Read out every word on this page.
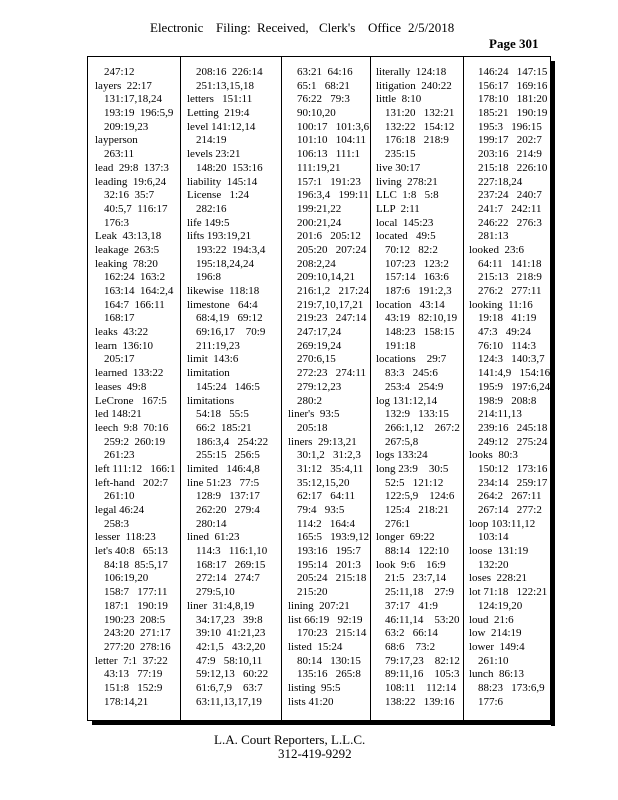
Electronic

Filing:

Received,

Clerk's

Office

2/5/2018

Page 301
247:12
layers  22:17
131:17,18,24
193:19  196:5,9
209:19,23
layperson
263:11
lead  29:8  137:3
leading  19:6,24
32:16  35:7
40:5,7  116:17
176:3
Leak  43:13,18
leakage  263:5
leaking  78:20
162:24  163:2
163:14  164:2,4
164:7  166:11
168:17
leaks  43:22
learn  136:10
205:17
learned  133:22
leases  49:8
LeCrone   167:5
led 148:21
leech  9:8  70:16
259:2  260:19
261:23
left 111:12   166:1
left-hand   202:7
261:10
legal 46:24
258:3
lesser  118:23
let's 40:8   65:13
84:18  85:5,17
106:19,20
158:7   177:11
187:1   190:19
190:23  208:5
243:20  271:17
277:20  278:16
letter  7:1  37:22
43:13   77:19
151:8   152:9
178:14,21
208:16  226:14
251:13,15,18
letters   151:11
Letting  219:4
level 141:12,14
214:19
levels 23:21
148:20  153:16
liability  145:14
License   1:24
282:16
life 149:5
lifts 193:19,21
193:22  194:3,4
195:18,24,24
196:8
likewise  118:18
limestone   64:4
68:4,19   69:12
69:16,17    70:9
211:19,23
limit  143:6
limitation
145:24   146:5
limitations
54:18   55:5
66:2  185:21
186:3,4   254:22
255:15   256:5
limited   146:4,8
line 51:23   77:5
128:9   137:17
262:20   279:4
280:14
lined  61:23
114:3   116:1,10
168:17   269:15
272:14   274:7
279:5,10
liner  31:4,8,19
34:17,23   39:8
39:10  41:21,23
42:1,5   43:2,20
47:9   58:10,11
59:12,13   60:22
61:6,7,9    63:7
63:11,13,17,19
63:21  64:16
65:1   68:21
76:22   79:3
90:10,20
100:17   101:3,6
101:10   104:11
106:13   111:1
111:19,21
157:1   191:23
196:3,4   199:11
199:21,22
200:21,24
201:6   205:12
205:20   207:24
208:2,24
209:10,14,21
216:1,2   217:24
219:7,10,17,21
219:23   247:14
247:17,24
269:19,24
270:6,15
272:23   274:11
279:12,23
280:2
liner's  93:5
205:18
liners  29:13,21
30:1,2   31:2,3
31:12   35:4,11
35:12,15,20
62:17   64:11
79:4   93:5
114:2   164:4
165:5   193:9,12
193:16   195:7
195:14   201:3
205:24   215:18
215:20
lining  207:21
list 66:19   92:19
170:23   215:14
listed  15:24
80:14   130:15
135:16   265:8
listing  95:5
lists 41:20
literally  124:18
litigation  240:22
little  8:10
131:20   132:21
132:22   154:12
176:18   218:9
235:15
live 30:17
living  278:21
LLC  1:8   5:8
LLP  2:11
local  145:23
located   49:5
70:12   82:2
107:23   123:2
157:14   163:6
187:6   191:2,3
location   43:14
43:19   82:10,19
148:23   158:15
191:18
locations    29:7
83:3   245:6
253:4   254:9
log 131:12,14
132:9   133:15
266:1,12    267:2
267:5,8
logs 133:24
long 23:9    30:5
52:5   121:12
122:5,9    124:6
125:4   218:21
276:1
longer  69:22
88:14   122:10
look  9:6    16:9
21:5   23:7,14
25:11,18    27:9
37:17   41:9
46:11,14    53:20
63:2   66:14
68:6    73:2
79:17,23    82:12
89:11,16    105:3
108:11    112:14
138:22   139:16
146:24   147:15
156:17   169:16
178:10   181:20
185:21   190:19
195:3   196:15
199:17   202:7
203:16   214:9
215:18   226:10
227:18,24
237:24   240:7
241:7   242:11
246:22   276:3
281:13
looked  23:6
64:11   141:18
215:13   218:9
276:2   277:11
looking  11:16
19:18   41:19
47:3   49:24
76:10   114:3
124:3   140:3,7
141:4,9   154:16
195:9   197:6,24
198:9   208:8
214:11,13
239:16   245:18
249:12   275:24
looks  80:3
150:12   173:16
234:14   259:17
264:2   267:11
267:14   277:2
loop 103:11,12
103:14
loose  131:19
132:20
loses  228:21
lot 71:18   122:21
124:19,20
loud  21:6
low  214:19
lower  149:4
261:10
lunch  86:13
88:23   173:6,9
177:6
L.A. Court Reporters, L.L.C.
312-419-9292
